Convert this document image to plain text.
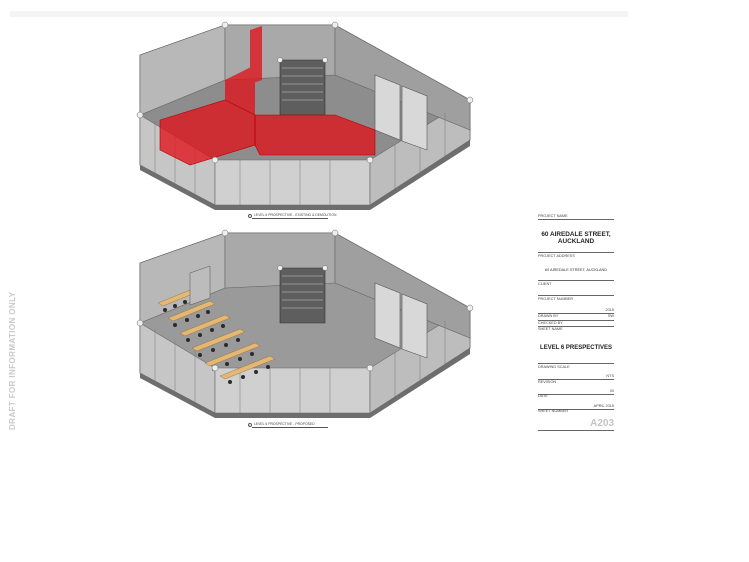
DRAFT FOR INFORMATION ONLY
LEVEL 6 PROSPECTIVE - EXISTING & DEMOLITION
LEVEL 6 PROSPECTIVE - PROPOSED
PROJECT NAME
60 AIREDALE STREET,
AUCKLAND
PROJECT ADDRESS
60 AIREDALE STREET, AUCKLAND
CLIENT
PROJECT NUMBER
2015
DRAWN BY	SW
CHECKED BY
SHEET NAME
LEVEL 6 PRESPECTIVES
DRAWING SCALE
NTS
REVISION
00
DATE
APRIL 2015
SHEET NUMBER
A203
